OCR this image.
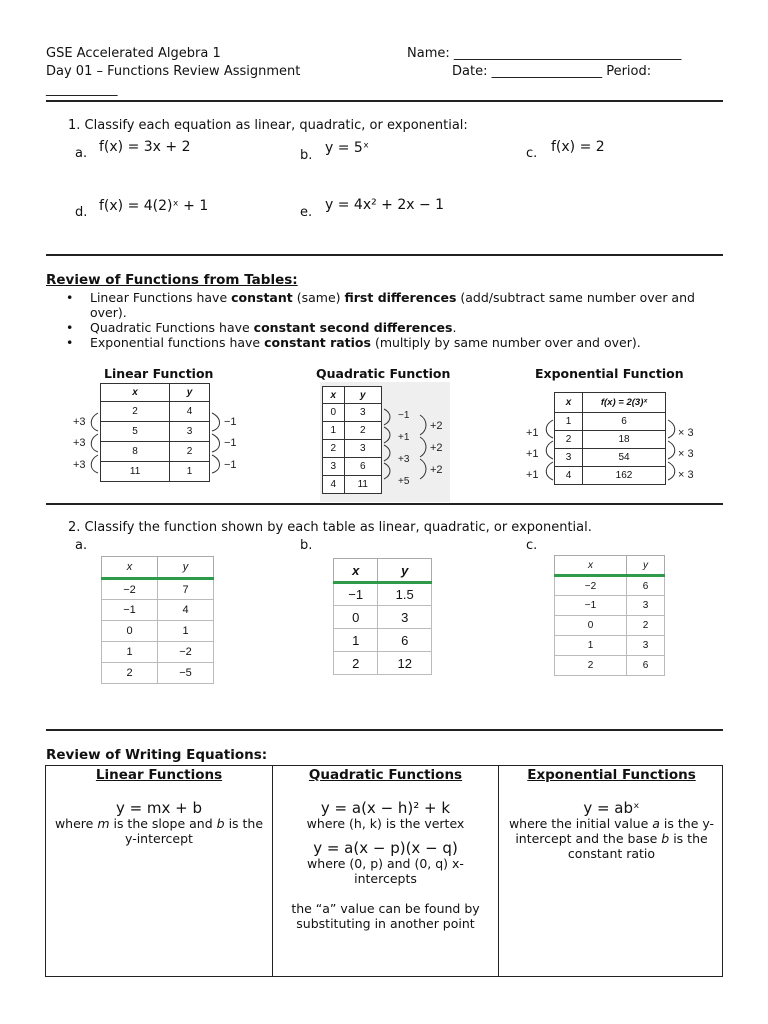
GSE Accelerated Algebra 1
Day 01 – Functions Review Assignment
Name: ___________________________________
Date: _________________ Period:
___________
1. Classify each equation as linear, quadratic, or exponential:
a. f(x) = 3x + 2
b. y = 5ˣ	c. f(x) = 2
d. f(x) = 4(2)ˣ + 1	e. y = 4x² + 2x − 1
Review of Functions from Tables:
• Linear Functions have constant (same) first differences (add/subtract same number over and over).
• Quadratic Functions have constant second differences.
• Exponential functions have constant ratios (multiply by same number over and over).
Linear Function
x	y
2	4
5	3
8	2
11	1
+3
+3
+3
−1
−1
−1
Quadratic Function
x	y
0	3
1	2
2	3
3	6
4	11
−1
+1
+3
+5
+2
+2
+2
Exponential Function
x	f(x) = 2(3)ˣ
1	6
2	18
3	54
4	162
+1
+1
+1
× 3
× 3
× 3
2. Classify the function shown by each table as linear, quadratic, or exponential.
a.	b.	c.
x	y
−2	7
−1	4
0	1
1	−2
2	−5
x	y
−1	1.5
0	3
1	6
2	12
x	y
−2	6
−1	3
0	2
1	3
2	6
Review of Writing Equations:
Linear Functions
y = mx + b
where m is the slope and b is the y-intercept
Quadratic Functions
y = a(x − h)² + k
where (h, k) is the vertex
y = a(x − p)(x − q)
where (0, p) and (0, q) x-intercepts
the “a” value can be found by substituting in another point
Exponential Functions
y = abˣ
where the initial value a is the y-intercept and the base b is the constant ratio
